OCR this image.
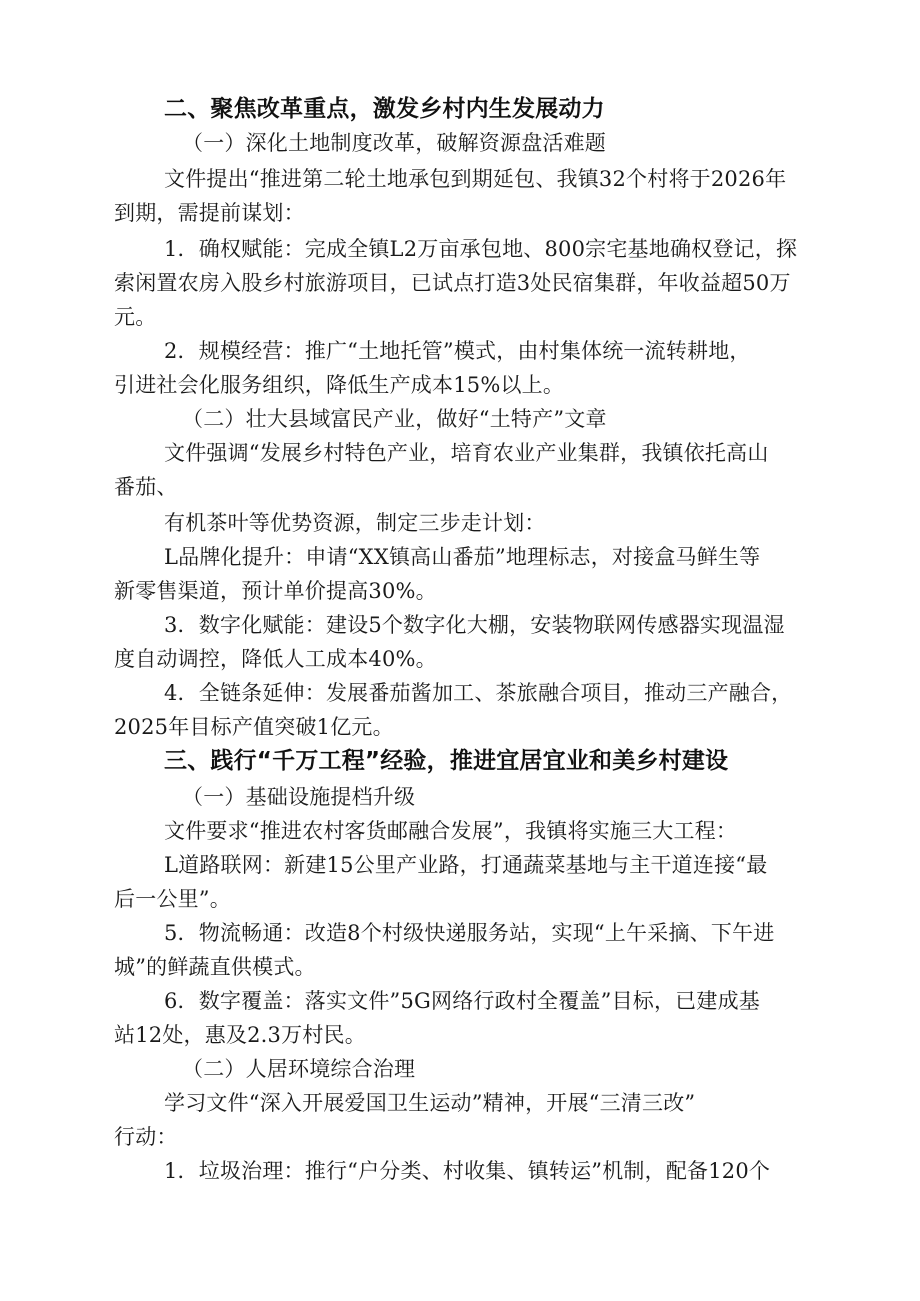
二、聚焦改革重点，激发乡村内生发展动力
（一）深化土地制度改革，破解资源盘活难题
文件提出“推进第二轮土地承包到期延包、我镇32个村将于2026年
到期，需提前谋划：
1．确权赋能：完成全镇L2万亩承包地、800宗宅基地确权登记，探
索闲置农房入股乡村旅游项目，已试点打造3处民宿集群，年收益超50万
元。
2．规模经营：推广“土地托管”模式，由村集体统一流转耕地，
引进社会化服务组织，降低生产成本15%以上。
（二）壮大县域富民产业，做好“土特产”文章
文件强调“发展乡村特色产业，培育农业产业集群，我镇依托高山
番茄、
有机茶叶等优势资源，制定三步走计划：
L品牌化提升：申请“XX镇高山番茄”地理标志，对接盒马鲜生等
新零售渠道，预计单价提高30%。
3．数字化赋能：建设5个数字化大棚，安装物联网传感器实现温湿
度自动调控，降低人工成本40%。
4．全链条延伸：发展番茄酱加工、茶旅融合项目，推动三产融合，
2025年目标产值突破1亿元。
三、践行“千万工程”经验，推进宜居宜业和美乡村建设
（一）基础设施提档升级
文件要求“推进农村客货邮融合发展”，我镇将实施三大工程：
L道路联网：新建15公里产业路，打通蔬菜基地与主干道连接“最
后一公里”。
5．物流畅通：改造8个村级快递服务站，实现“上午采摘、下午进
城”的鲜蔬直供模式。
6．数字覆盖：落实文件”5G网络行政村全覆盖”目标，已建成基
站12处，惠及2.3万村民。
（二）人居环境综合治理
学习文件“深入开展爱国卫生运动”精神，开展“三清三改”
行动：
1．垃圾治理：推行“户分类、村收集、镇转运”机制，配备120个
